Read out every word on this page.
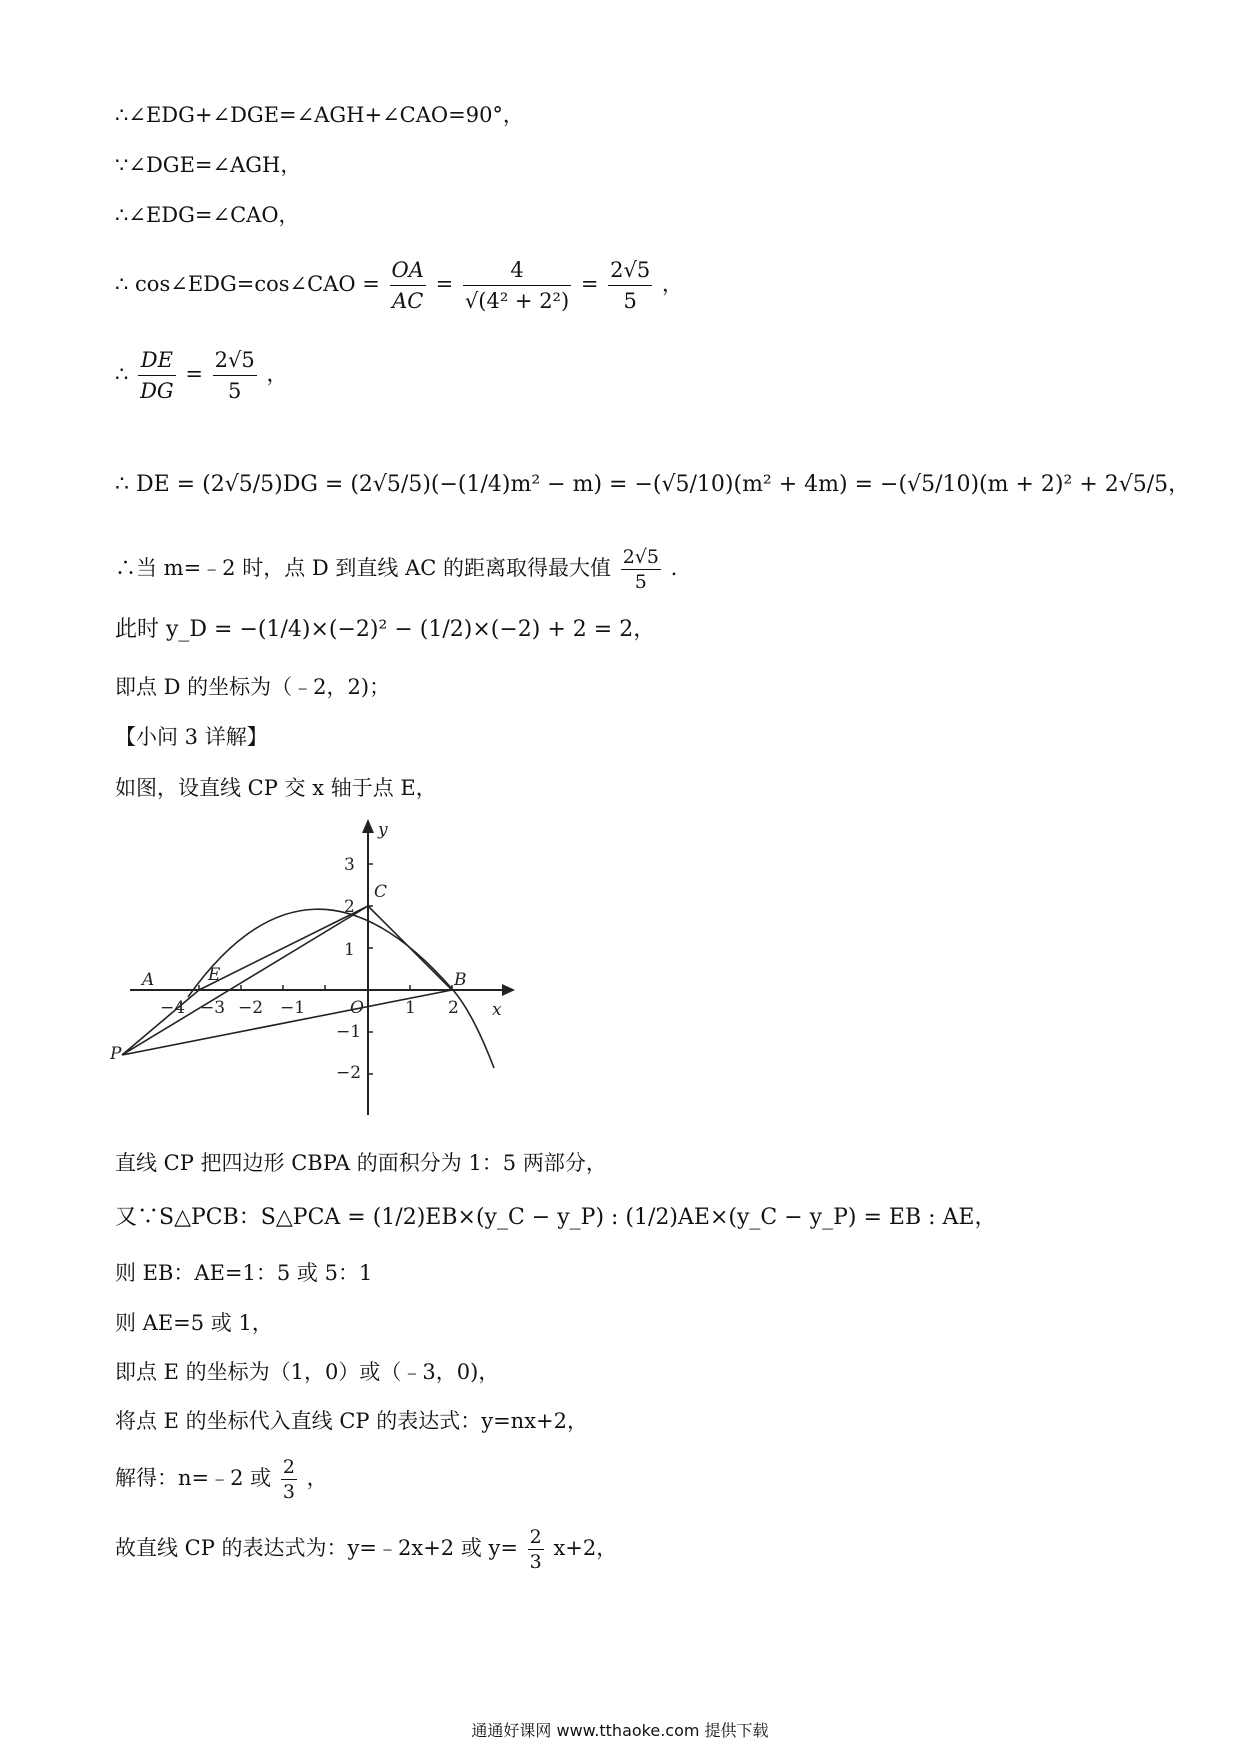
∴∠EDG+∠DGE=∠AGH+∠CAO=90°，
∵∠DGE=∠AGH，
∴∠EDG=∠CAO，
∴ cos∠EDG=cos∠CAO = $\frac{OA}{AC} = \frac{4}{\text{√(4² + 2²)}} = \frac{2√5}{5}$ ，
∴ $\frac{DE}{DG} = \frac{2√5}{5}$ ，
∴ DE = (2√5/5)DG = (2√5/5)(−(1/4)m² − m) = −(√5/10)(m² + 4m) = −(√5/10)(m + 2)² + 2√5/5，
∴当 m=﹣2 时，点 D 到直线 AC 的距离取得最大值 $\frac{2√5}{5}$ .
此时 y_D = −(1/4)×(−2)² − (1/2)×(−2) + 2 = 2，
即点 D 的坐标为（﹣2，2)；
【小问 3 详解】
如图，设直线 CP 交 x 轴于点 E，
x
y
−4 −3 −2 −1	1 2
3
2
1
−1
−2
A	B
C
E
P
O
直线 CP 把四边形 CBPA 的面积分为 1：5 两部分，
又∵S△PCB：S△PCA = (1/2)EB×(y_C − y_P) : (1/2)AE×(y_C − y_P) = EB : AE，
则 EB：AE=1：5 或 5：1
则 AE=5 或 1，
即点 E 的坐标为（1，0）或（﹣3，0)，
将点 E 的坐标代入直线 CP 的表达式：y=nx+2，
解得：n=﹣2 或 $\frac{2}{3}$ ，
故直线 CP 的表达式为：y=﹣2x+2 或 $y= \frac{2}{3} x+2$，
通通好课网 www.tthaoke.com 提供下载
